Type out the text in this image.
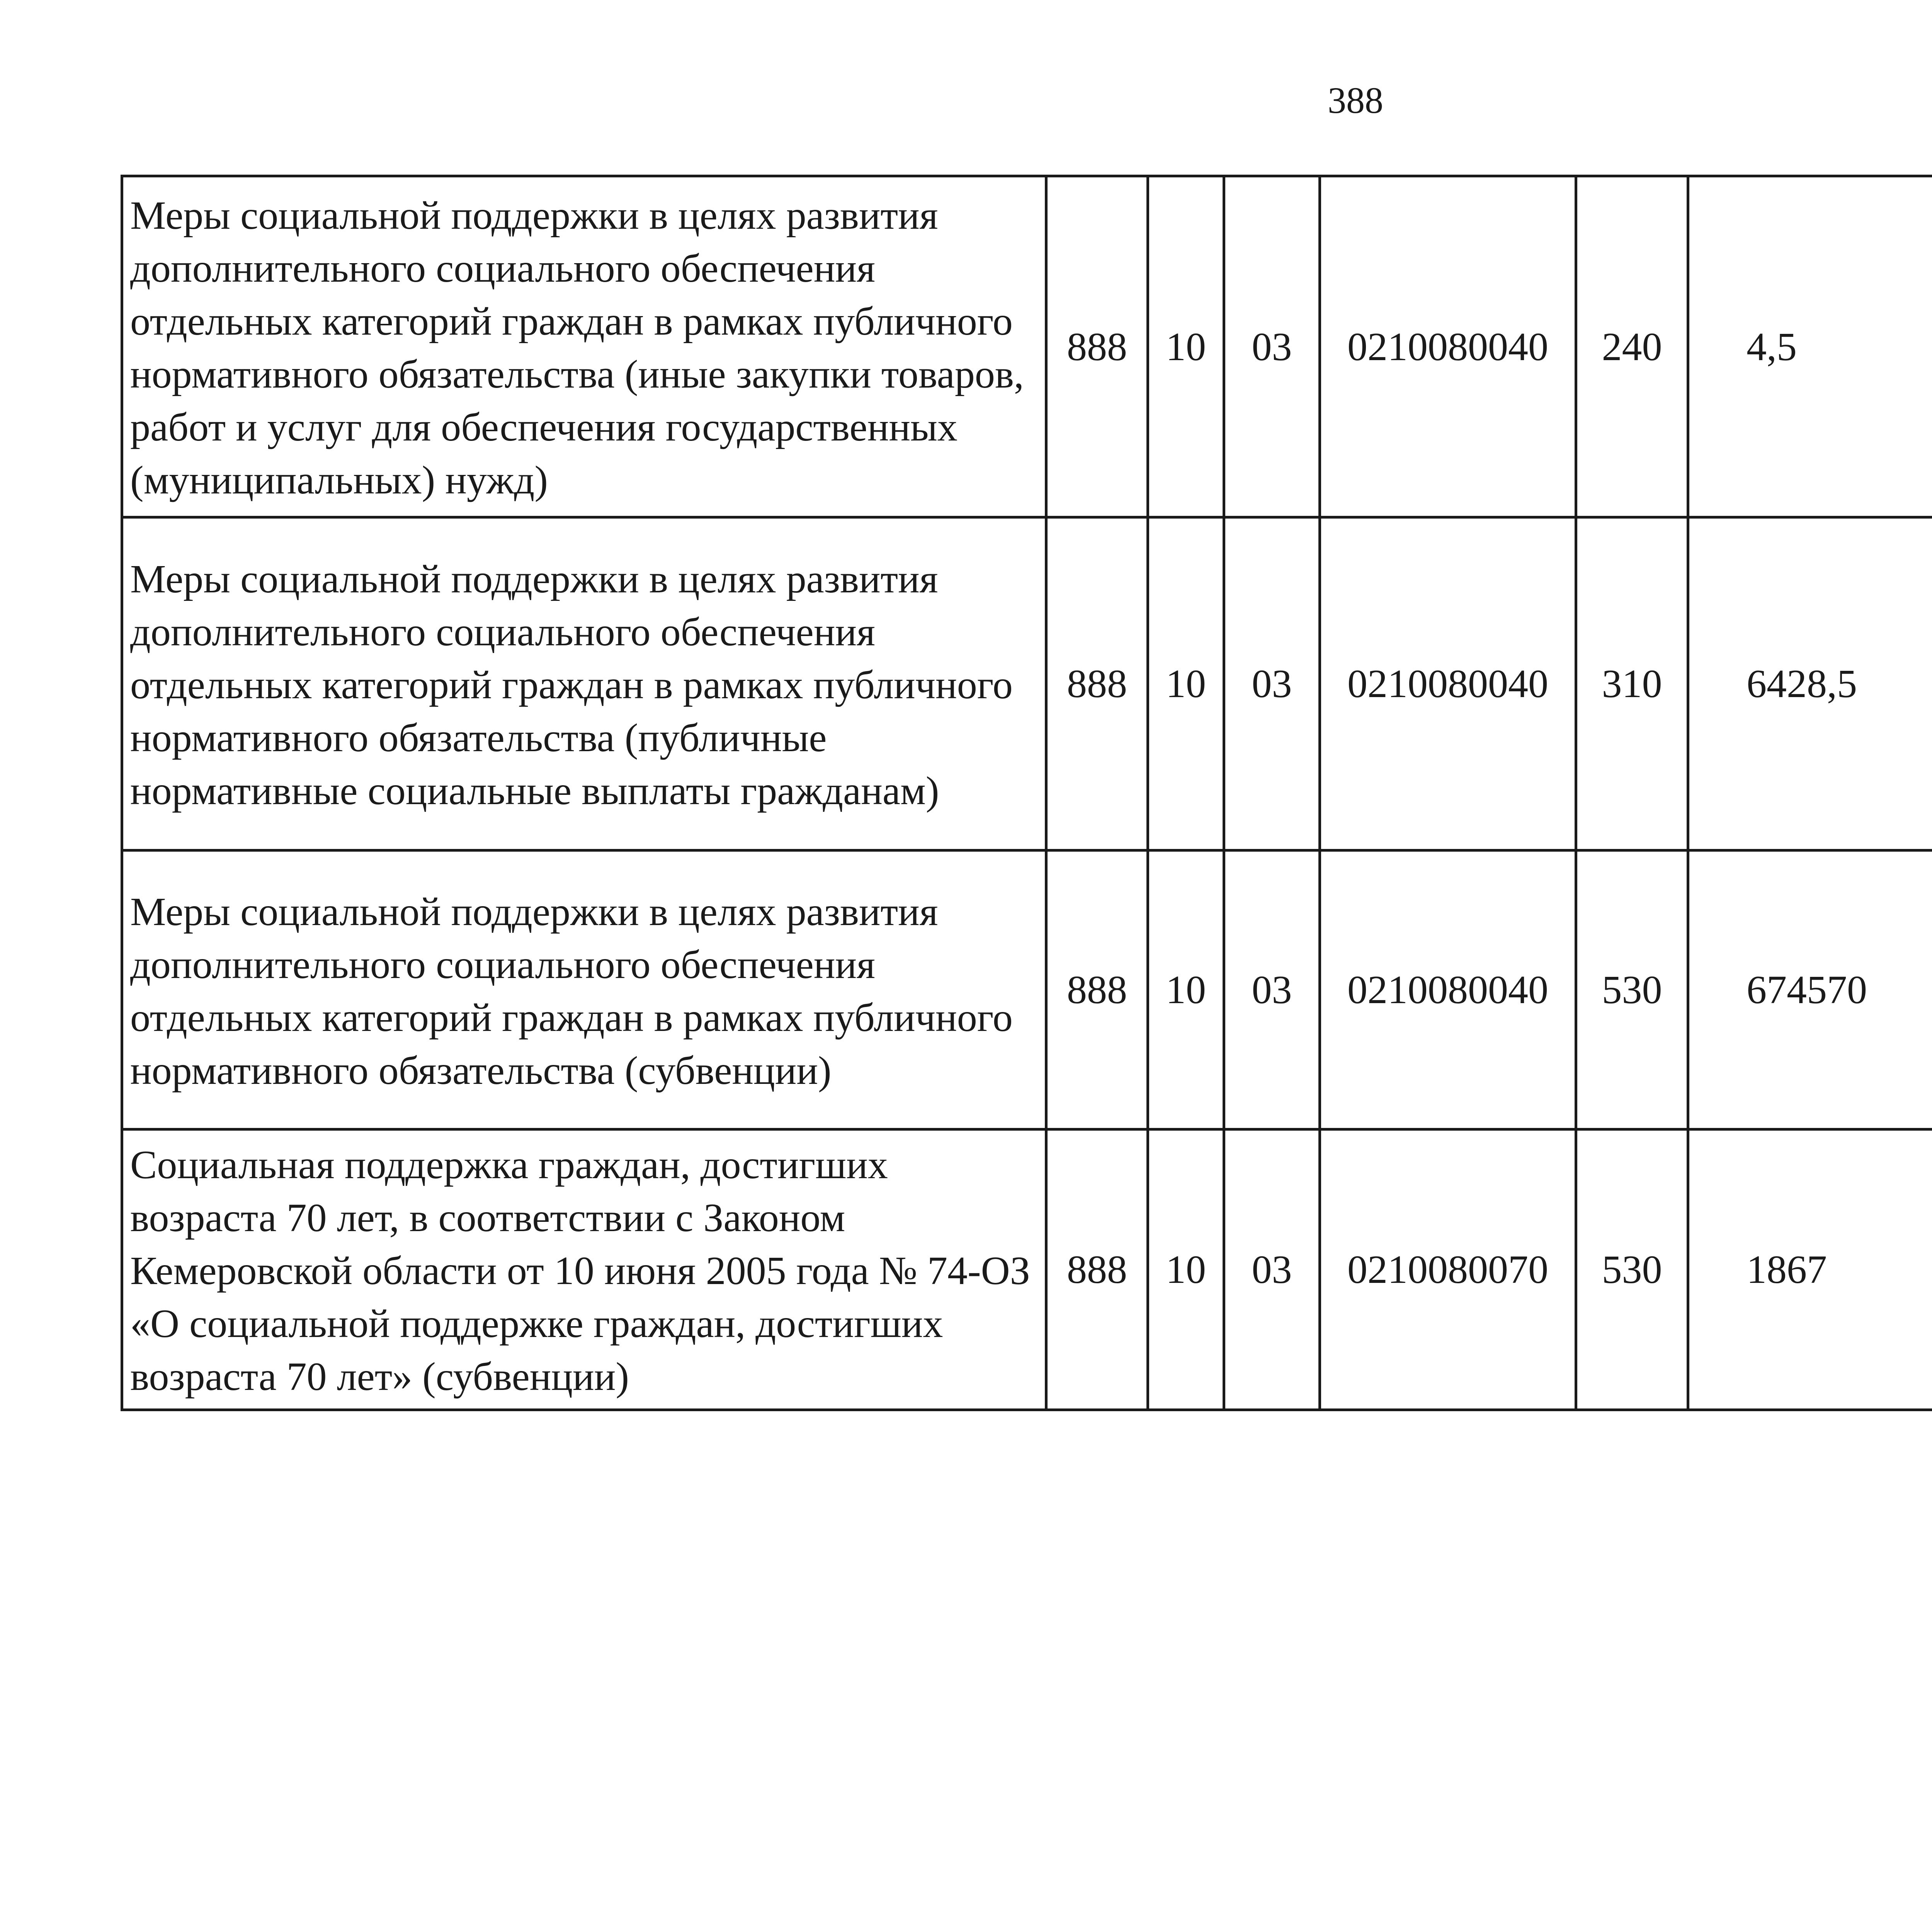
388
Меры социальной поддержки в целях развития дополнительного социального обеспечения отдельных категорий граждан в рамках публичного нормативного обязательства (иные закупки товаров, работ и услуг для обеспечения государственных (муниципальных) нужд)	888	10	03	0210080040	240	4,5		
Меры социальной поддержки в целях развития дополнительного социального обеспечения отдельных категорий граждан в рамках публичного нормативного обязательства (публичные нормативные социальные выплаты гражданам)	888	10	03	0210080040	310	6428,5		
Меры социальной поддержки в целях развития дополнительного социального обеспечения отдельных категорий граждан в рамках публичного нормативного обязательства (субвенции)	888	10	03	0210080040	530	674570		
Социальная поддержка граждан, достигших возраста 70 лет, в соответствии с Законом Кемеровской области от 10 июня 2005 года № 74-ОЗ «О социальной поддержке граждан, достигших возраста 70 лет» (субвенции)	888	10	03	0210080070	530	1867		
